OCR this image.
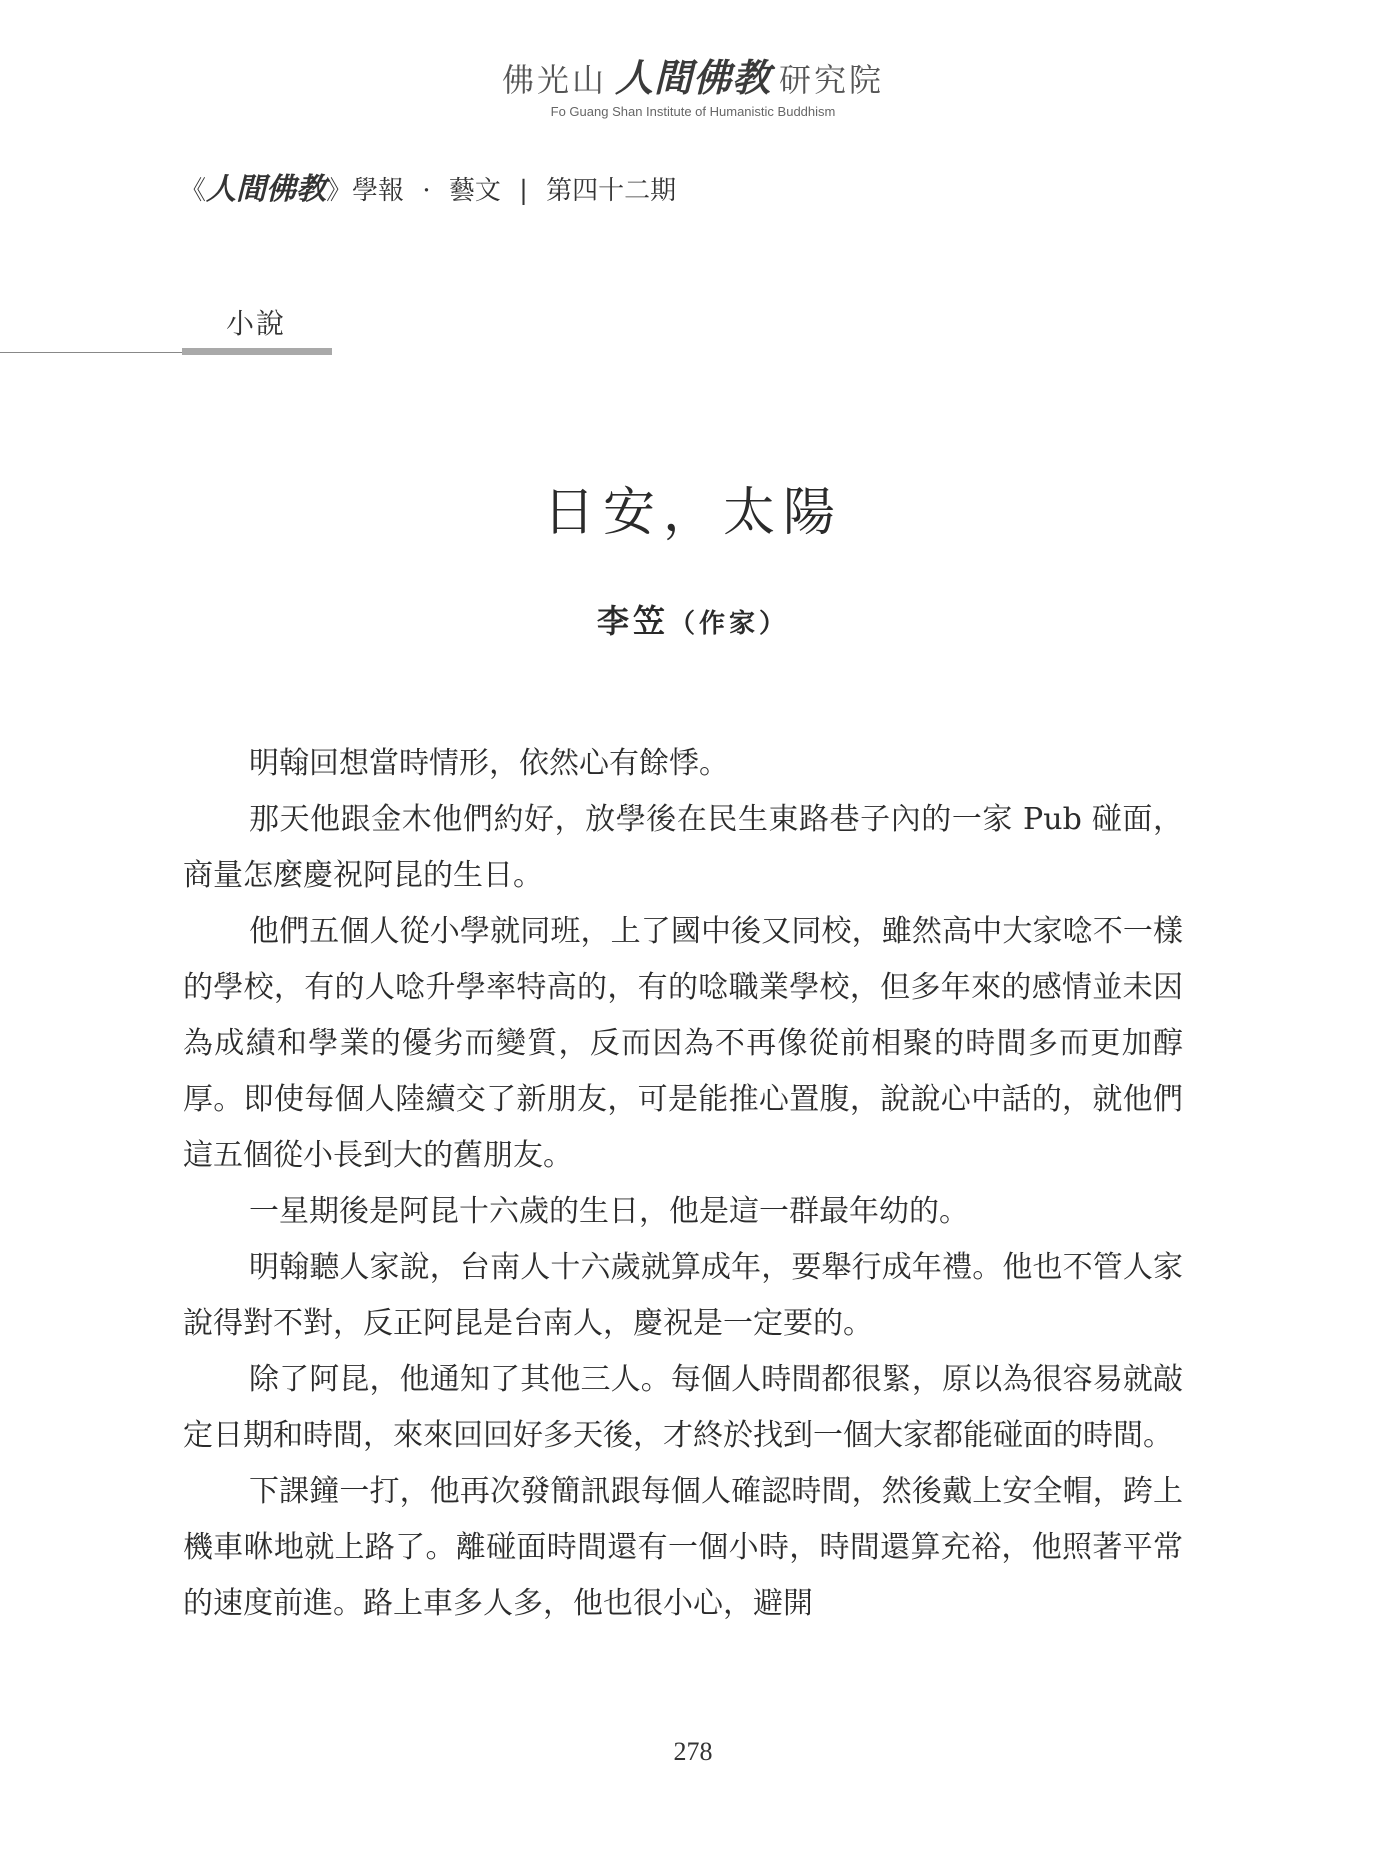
佛光山 人間佛教 研究院
Fo Guang Shan Institute of Humanistic Buddhism
《人間佛教》學報 · 藝文 | 第四十二期
小說
日安，太陽
李笠（作家）

明翰回想當時情形，依然心有餘悸。

那天他跟金木他們約好，放學後在民生東路巷子內的一家 Pub 碰面，商量怎麼慶祝阿昆的生日。

他們五個人從小學就同班，上了國中後又同校，雖然高中大家唸不一樣的學校，有的人唸升學率特高的，有的唸職業學校，但多年來的感情並未因為成績和學業的優劣而變質，反而因為不再像從前相聚的時間多而更加醇厚。即使每個人陸續交了新朋友，可是能推心置腹，說說心中話的，就他們這五個從小長到大的舊朋友。

一星期後是阿昆十六歲的生日，他是這一群最年幼的。

明翰聽人家說，台南人十六歲就算成年，要舉行成年禮。他也不管人家說得對不對，反正阿昆是台南人，慶祝是一定要的。

除了阿昆，他通知了其他三人。每個人時間都很緊，原以為很容易就敲定日期和時間，來來回回好多天後，才終於找到一個大家都能碰面的時間。

下課鐘一打，他再次發簡訊跟每個人確認時間，然後戴上安全帽，跨上機車咻地就上路了。離碰面時間還有一個小時，時間還算充裕，他照著平常的速度前進。路上車多人多，他也很小心，避開

278
